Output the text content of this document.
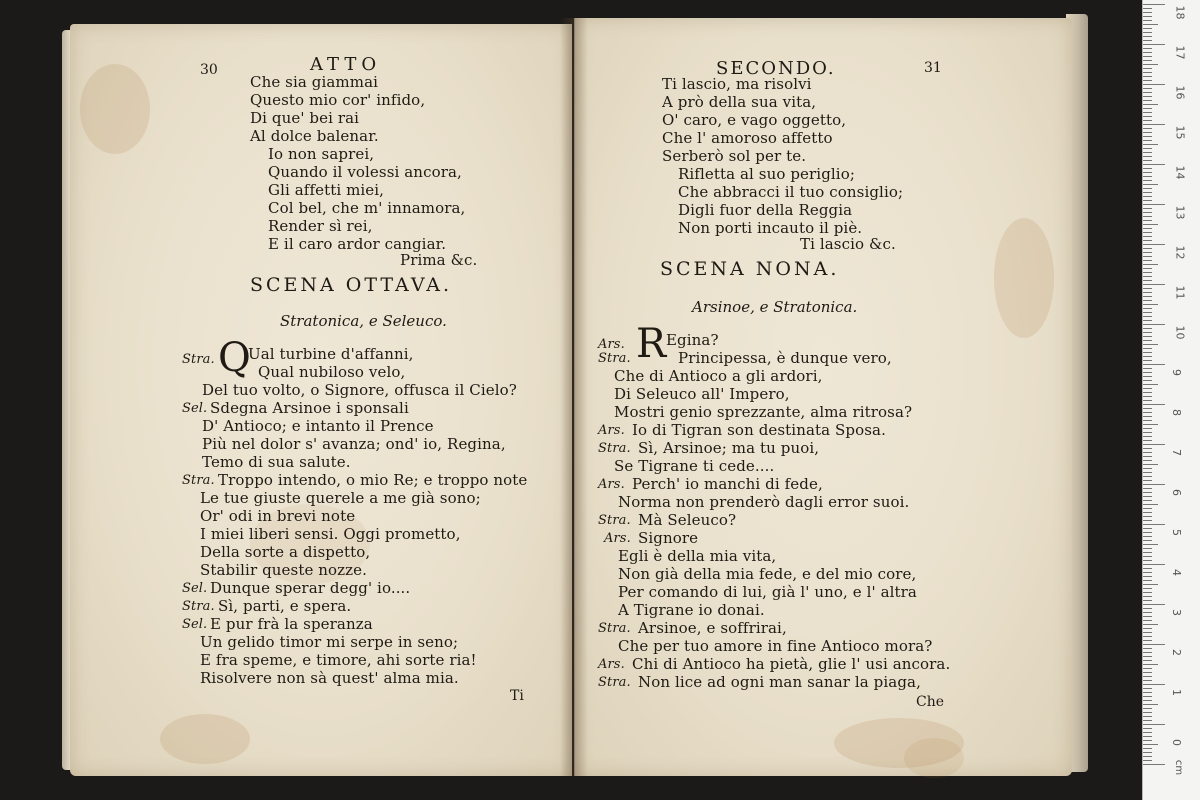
30	ATTO
Che sia giammai
Questo mio cor' infido,
Di que' bei rai
Al dolce balenar.
Io non saprei,
Quando il volessi ancora,
Gli affetti miei,
Col bel, che m' innamora,
Render sì rei,
E il caro ardor cangiar.
Prima &c.
SCENA OTTAVA.
Stratonica, e Seleuco.
Stra. Q
Ual turbine d'affanni,
Qual nubiloso velo,
Del tuo volto, o Signore, offusca il Cielo?
Sel. Sdegna Arsinoe i sponsali
D' Antioco; e intanto il Prence
Più nel dolor s' avanza; ond' io, Regina,
Temo di sua salute.
Stra. Troppo intendo, o mio Re; e troppo note
Le tue giuste querele a me già sono;
Or' odi in brevi note
I miei liberi sensi. Oggi prometto,
Della sorte a dispetto,
Stabilir queste nozze.
Sel. Dunque sperar degg' io....
Stra. Sì, parti, e spera.
Sel. E pur frà la speranza
Un gelido timor mi serpe in seno;
E fra speme, e timore, ahi sorte ria!
Risolvere non sà quest' alma mia.
Ti
SECONDO.	31
Ti lascio, ma risolvi
A prò della sua vita,
O' caro, e vago oggetto,
Che l' amoroso affetto
Serberò sol per te.
Rifletta al suo periglio;
Che abbracci il tuo consiglio;
Digli fuor della Reggia
Non porti incauto il piè.
Ti lascio &c.
SCENA NONA.
Arsinoe, e Stratonica.
Ars. R Egina?
Stra.	Principessa, è dunque vero,
Che di Antioco a gli ardori,
Di Seleuco all' Impero,
Mostri genio sprezzante, alma ritrosa?
Ars. Io di Tigran son destinata Sposa.
Stra. Sì, Arsinoe; ma tu puoi,
Se Tigrane ti cede....
Ars. Perch' io manchi di fede,
Norma non prenderò dagli error suoi.
Stra. Mà Seleuco?
Ars. Signore
Egli è della mia vita,
Non già della mia fede, e del mio core,
Per comando di lui, già l' uno, e l' altra
A Tigrane io donai.
Stra. Arsinoe, e soffrirai,
Che per tuo amore in fine Antioco mora?
Ars. Chi di Antioco ha pietà, glie l' usi ancora.
Stra. Non lice ad ogni man sanar la piaga,
Che
18
17
16
15
14
13
12
11
10
9
8
7
6
5
4
3
2
1
0
cm
